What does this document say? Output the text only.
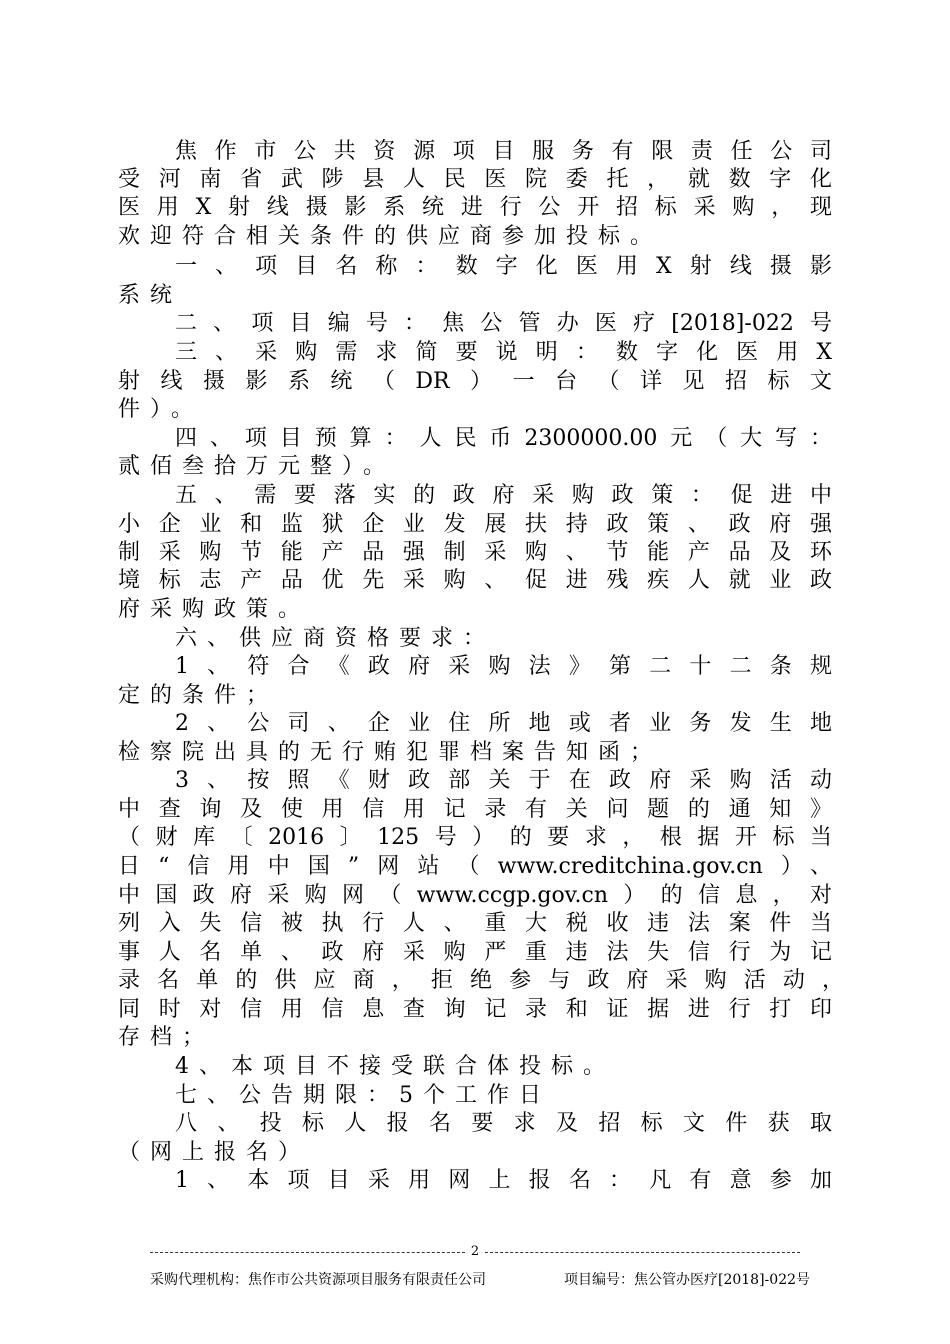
焦作市公共资源项目服务有限责任公司
受河南省武陟县人民医院委托，就数字化
医用X射线摄影系统进行公开招标采购，现
欢迎符合相关条件的供应商参加投标。
一、项目名称：数字化医用X射线摄影
系统
二、项目编号：焦公管办医疗[2018]-022号
三、采购需求简要说明：数字化医用X
射线摄影系统（DR）一台（详见招标文
件）。
四、项目预算：人民币2300000.00元（大写：
贰佰叁拾万元整）。
五、需要落实的政府采购政策：促进中
小企业和监狱企业发展扶持政策、政府强
制采购节能产品强制采购、节能产品及环
境标志产品优先采购、促进残疾人就业政
府采购政策。
六、供应商资格要求：
1、符合《政府采购法》第二十二条规
定的条件；
2、公司、企业住所地或者业务发生地
检察院出具的无行贿犯罪档案告知函；
3、按照《财政部关于在政府采购活动
中查询及使用信用记录有关问题的通知》
（财库〔2016〕125号）的要求，根据开标当
日“信用中国”网站（www.creditchina.gov.cn）、
中国政府采购网（www.ccgp.gov.cn）的信息，对
列入失信被执行人、重大税收违法案件当
事人名单、政府采购严重违法失信行为记
录名单的供应商，拒绝参与政府采购活动，
同时对信用信息查询记录和证据进行打印
存档；
4、本项目不接受联合体投标。
七、公告期限：5个工作日
八、投标人报名要求及招标文件获取
（网上报名）
1、本项目采用网上报名：凡有意参加
2
采购代理机构：焦作市公共资源项目服务有限责任公司	项目编号：焦公管办医疗[2018]-022号
